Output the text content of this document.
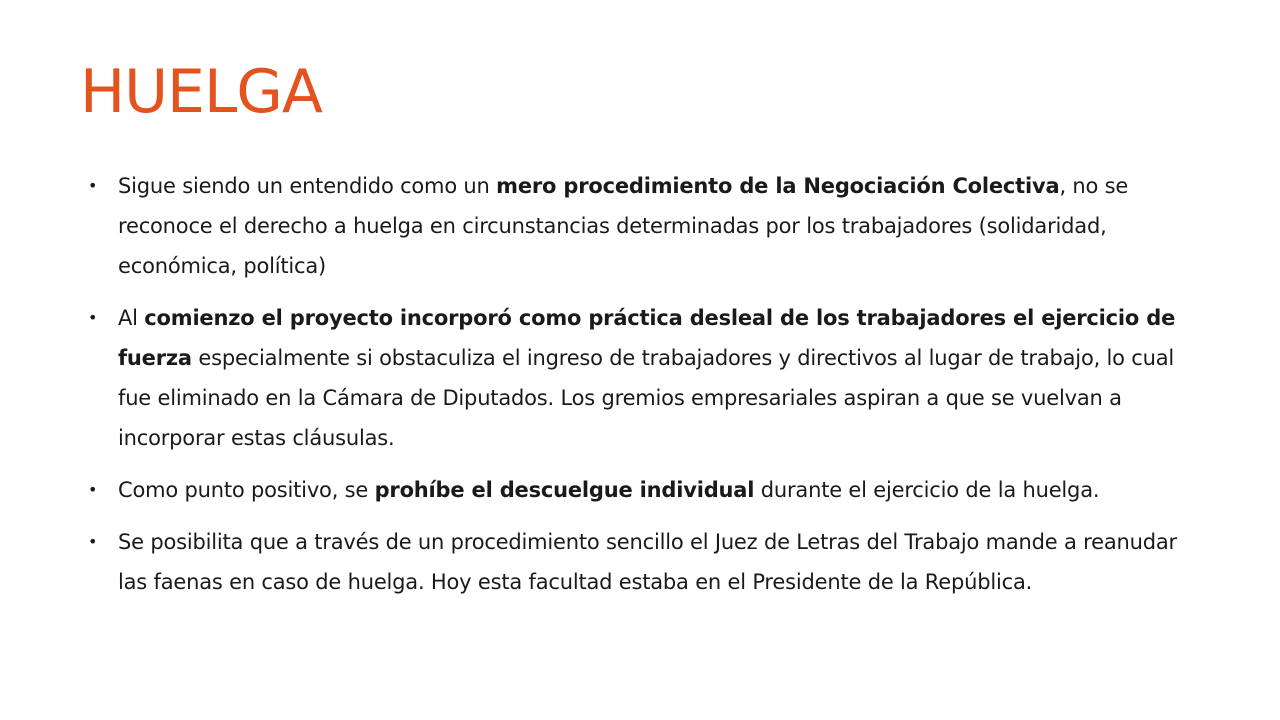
HUELGA
• Sigue siendo un entendido como un mero procedimiento de la Negociación Colectiva, no se reconoce el derecho a huelga en circunstancias determinadas por los trabajadores (solidaridad, económica, política)
• Al comienzo el proyecto incorporó como práctica desleal de los trabajadores el ejercicio de fuerza especialmente si obstaculiza el ingreso de trabajadores y directivos al lugar de trabajo, lo cual fue eliminado en la Cámara de Diputados. Los gremios empresariales aspiran a que se vuelvan a incorporar estas cláusulas.
• Como punto positivo, se prohíbe el descuelgue individual durante el ejercicio de la huelga.
• Se posibilita que a través de un procedimiento sencillo el Juez de Letras del Trabajo mande a reanudar las faenas en caso de huelga. Hoy esta facultad estaba en el Presidente de la República.
